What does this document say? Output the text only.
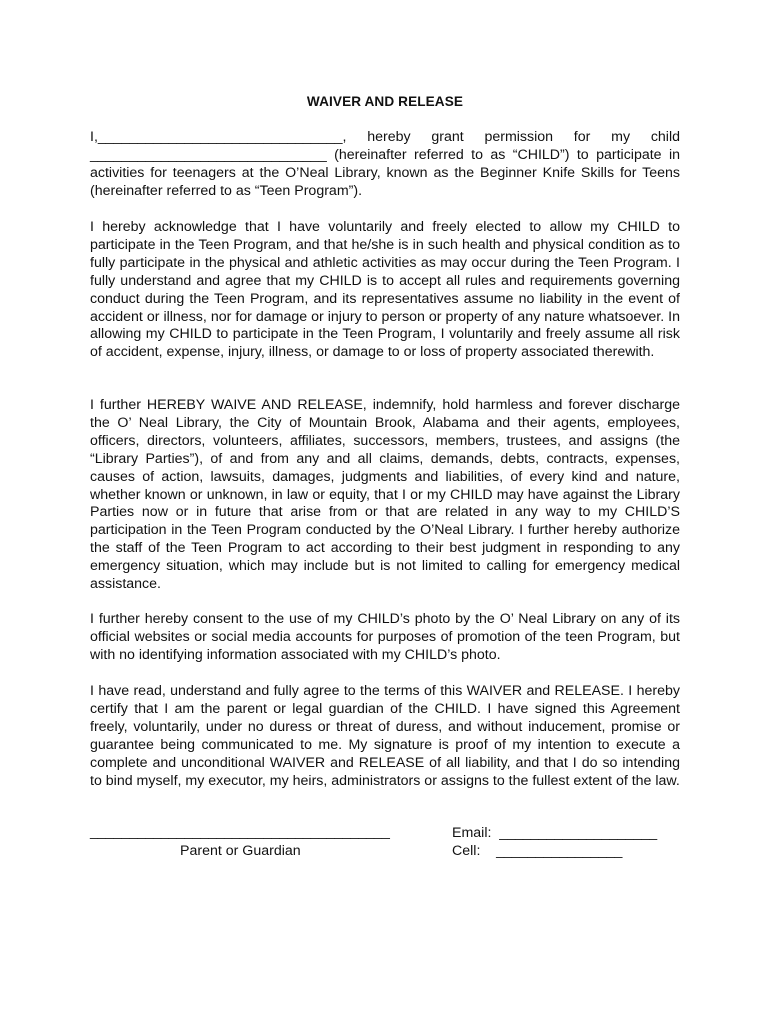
WAIVER AND RELEASE
I,_______________________________, hereby grant permission for my child ______________________________ (hereinafter referred to as “CHILD”) to participate in activities for teenagers at the O’Neal Library, known as the Beginner Knife Skills for Teens (hereinafter referred to as “Teen Program”).
I hereby acknowledge that I have voluntarily and freely elected to allow my CHILD to participate in the Teen Program, and that he/she is in such health and physical condition as to fully participate in the physical and athletic activities as may occur during the Teen Program. I fully understand and agree that my CHILD is to accept all rules and requirements governing conduct during the Teen Program, and its representatives assume no liability in the event of accident or illness, nor for damage or injury to person or property of any nature whatsoever. In allowing my CHILD to participate in the Teen Program, I voluntarily and freely assume all risk of accident, expense, injury, illness, or damage to or loss of property associated therewith.
I further HEREBY WAIVE AND RELEASE, indemnify, hold harmless and forever discharge the O’ Neal Library, the City of Mountain Brook, Alabama and their agents, employees, officers, directors, volunteers, affiliates, successors, members, trustees, and assigns (the “Library Parties”), of and from any and all claims, demands, debts, contracts, expenses, causes of action, lawsuits, damages, judgments and liabilities, of every kind and nature, whether known or unknown, in law or equity, that I or my CHILD may have against the Library Parties now or in future that arise from or that are related in any way to my CHILD’S participation in the Teen Program conducted by the O’Neal Library. I further hereby authorize the staff of the Teen Program to act according to their best judgment in responding to any emergency situation, which may include but is not limited to calling for emergency medical assistance.
I further hereby consent to the use of my CHILD’s photo by the O’ Neal Library on any of its official websites or social media accounts for purposes of promotion of the teen Program, but with no identifying information associated with my CHILD’s photo.
I have read, understand and fully agree to the terms of this WAIVER and RELEASE. I hereby certify that I am the parent or legal guardian of the CHILD. I have signed this Agreement freely, voluntarily, under no duress or threat of duress, and without inducement, promise or guarantee being communicated to me. My signature is proof of my intention to execute a complete and unconditional WAIVER and RELEASE of all liability, and that I do so intending to bind myself, my executor, my heirs, administrators or assigns to the fullest extent of the law.
______________________________________
Parent or Guardian
Email:  ____________________
Cell:    ________________
